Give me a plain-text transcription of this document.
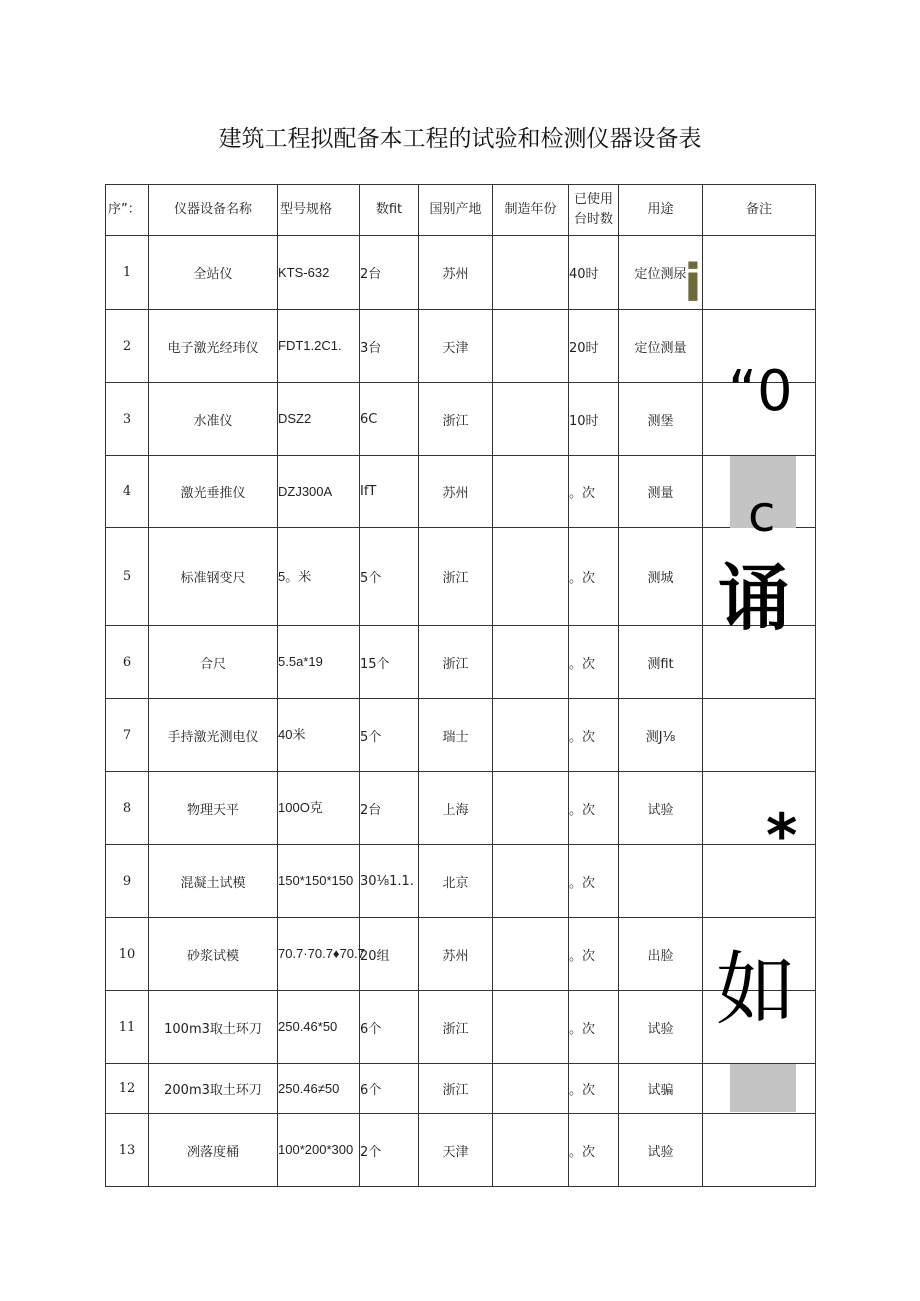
建筑工程拟配备本工程的试验和检测仪器设备表
序”：	仪器设备名称	型号规格	数fit	国别产地	制造年份	已使用台时数	用途	备注
1	全站仪	KTS-632	2台	苏州		40时	定位测尿	
2	电子激光经玮仪	FDT1.2C1.	3台	天津		20时	定位测量	
3	水准仪	DSZ2	6C	浙江		10时	测堡	
4	激光垂推仪	DZJ300A	IfT	苏州		。次	测量	
5	标准钢变尺	5。米	5个	浙江		。次	测城	
6	合尺	5.5a*19	15个	浙江		。次	测fit	
7	手持激光测电仪	40米	5个	瑞士		。次	测J⅛	
8	物理天平	100O克	2台	上海		。次	试验	
9	混凝土试模	150*150*150	30⅛1.1.	北京		。次		
10	砂浆试模	70.7·70.7♦70.7	20组	苏州		。次	出脸	
11	100m3取土环刀	250.46*50	6个	浙江		。次	试验	
12	200m3取土环刀	250.46≠50	6个	浙江		。次	试骗	
13	冽落度桶	100*200*300	2个	天津		。次	试验	
i
“0
c
诵
*
如
